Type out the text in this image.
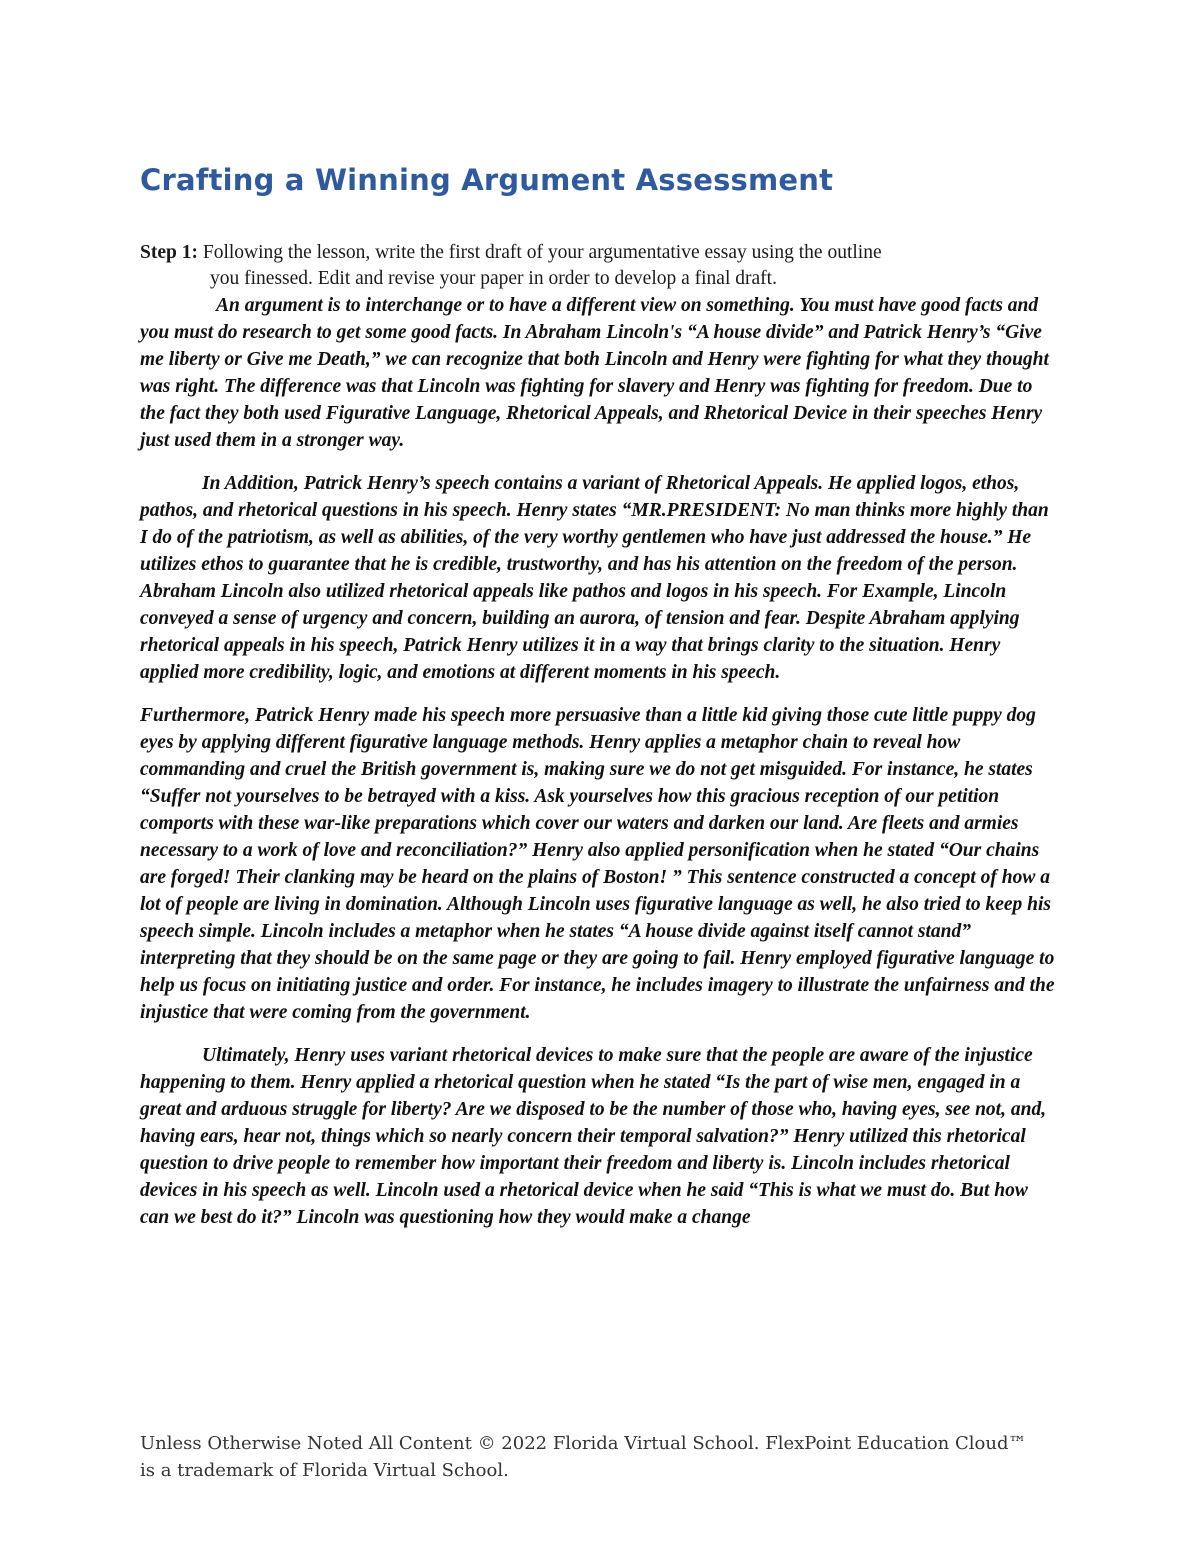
Crafting a Winning Argument Assessment
Step 1: Following the lesson, write the first draft of your argumentative essay using the outline
you finessed. Edit and revise your paper in order to develop a final draft.

An argument is to interchange or to have a different view on something. You must have good facts and you must do research to get some good facts. In Abraham Lincoln's “A house divide” and Patrick Henry’s “Give me liberty or Give me Death,” we can recognize that both Lincoln and Henry were fighting for what they thought was right. The difference was that Lincoln was fighting for slavery and Henry was fighting for freedom. Due to the fact they both used Figurative Language, Rhetorical Appeals, and Rhetorical Device in their speeches Henry just used them in a stronger way.

In Addition, Patrick Henry’s speech contains a variant of Rhetorical Appeals. He applied logos, ethos, pathos, and rhetorical questions in his speech. Henry states “MR.PRESIDENT: No man thinks more highly than I do of the patriotism, as well as abilities, of the very worthy gentlemen who have just addressed the house.” He utilizes ethos to guarantee that he is credible, trustworthy, and has his attention on the freedom of the person. Abraham Lincoln also utilized rhetorical appeals like pathos and logos in his speech. For Example, Lincoln conveyed a sense of urgency and concern, building an aurora, of tension and fear. Despite Abraham applying rhetorical appeals in his speech, Patrick Henry utilizes it in a way that brings clarity to the situation. Henry applied more credibility, logic, and emotions at different moments in his speech.

Furthermore, Patrick Henry made his speech more persuasive than a little kid giving those cute little puppy dog eyes by applying different figurative language methods. Henry applies a metaphor chain to reveal how commanding and cruel the British government is, making sure we do not get misguided. For instance, he states “Suffer not yourselves to be betrayed with a kiss. Ask yourselves how this gracious reception of our petition comports with these war-like preparations which cover our waters and darken our land. Are fleets and armies necessary to a work of love and reconciliation?” Henry also applied personification when he stated “Our chains are forged! Their clanking may be heard on the plains of Boston! ” This sentence constructed a concept of how a lot of people are living in domination. Although Lincoln uses figurative language as well, he also tried to keep his speech simple. Lincoln includes a metaphor when he states “A house divide against itself cannot stand” interpreting that they should be on the same page or they are going to fail. Henry employed figurative language to help us focus on initiating justice and order. For instance, he includes imagery to illustrate the unfairness and the injustice that were coming from the government.

Ultimately, Henry uses variant rhetorical devices to make sure that the people are aware of the injustice happening to them. Henry applied a rhetorical question when he stated “Is the part of wise men, engaged in a great and arduous struggle for liberty? Are we disposed to be the number of those who, having eyes, see not, and, having ears, hear not, things which so nearly concern their temporal salvation?” Henry utilized this rhetorical question to drive people to remember how important their freedom and liberty is. Lincoln includes rhetorical devices in his speech as well. Lincoln used a rhetorical device when he said “This is what we must do. But how can we best do it?” Lincoln was questioning how they would make a change

Unless Otherwise Noted All Content © 2022 Florida Virtual School. FlexPoint Education Cloud™ is a trademark of Florida Virtual School.
